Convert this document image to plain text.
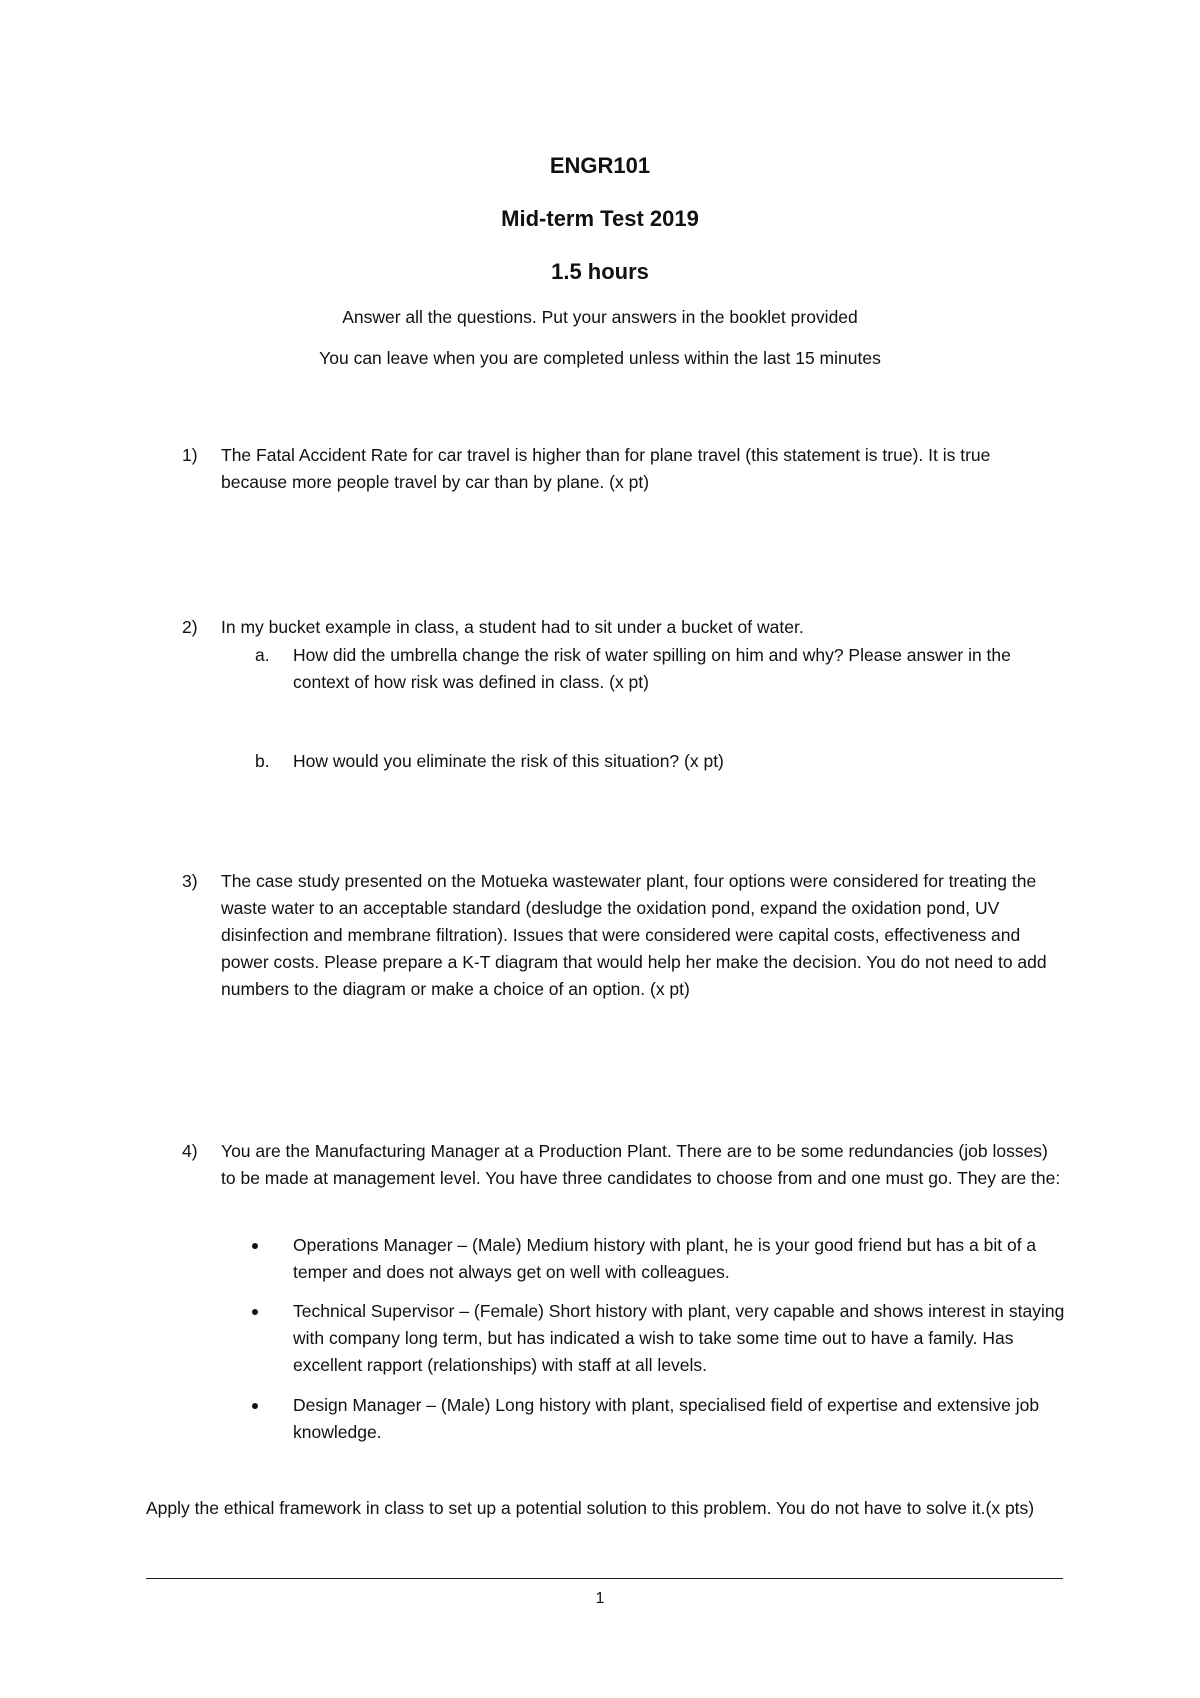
ENGR101
Mid-term Test 2019
1.5 hours
Answer all the questions. Put your answers in the booklet provided
You can leave when you are completed unless within the last 15 minutes
1)	The Fatal Accident Rate for car travel is higher than for plane travel (this statement is true). It is true because more people travel by car than by plane. (x pt)
2)	In my bucket example in class, a student had to sit under a bucket of water.
a.	How did the umbrella change the risk of water spilling on him and why? Please answer in the context of how risk was defined in class. (x pt)
b.	How would you eliminate the risk of this situation? (x pt)
3)	The case study presented on the Motueka wastewater plant, four options were considered for treating the waste water to an acceptable standard (desludge the oxidation pond, expand the oxidation pond, UV disinfection and membrane filtration). Issues that were considered were capital costs, effectiveness and power costs. Please prepare a K-T diagram that would help her make the decision. You do not need to add numbers to the diagram or make a choice of an option. (x pt)
4)	You are the Manufacturing Manager at a Production Plant. There are to be some redundancies (job losses) to be made at management level. You have three candidates to choose from and one must go. They are the:
Operations Manager – (Male) Medium history with plant, he is your good friend but has a bit of a temper and does not always get on well with colleagues.
Technical Supervisor – (Female) Short history with plant, very capable and shows interest in staying with company long term, but has indicated a wish to take some time out to have a family. Has excellent rapport (relationships) with staff at all levels.
Design Manager – (Male) Long history with plant, specialised field of expertise and extensive job knowledge.
Apply the ethical framework in class to set up a potential solution to this problem. You do not have to solve it.(x pts)
1
